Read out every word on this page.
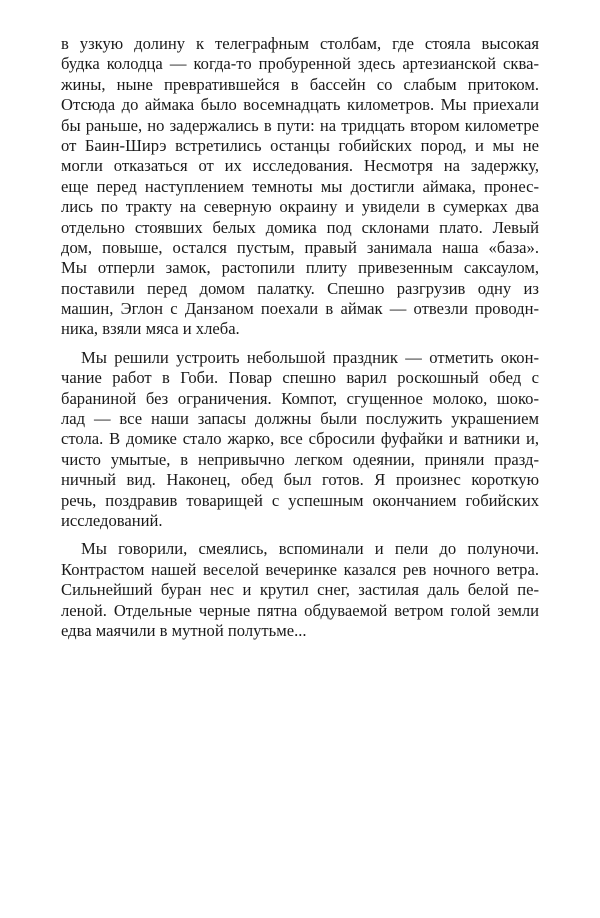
в узкую долину к телеграфным столбам, где стояла высокая
будка колодца — когда-то пробуренной здесь артезианской сква-
жины, ныне превратившейся в бассейн со слабым притоком.
Отсюда до аймака было восемнадцать километров. Мы приехали
бы раньше, но задержались в пути: на тридцать втором километре
от Баин-Ширэ встретились останцы гобийских пород, и мы не
могли отказаться от их исследования. Несмотря на задержку,
еще перед наступлением темноты мы достигли аймака, пронес-
лись по тракту на северную окраину и увидели в сумерках два
отдельно стоявших белых домика под склонами плато. Левый
дом, повыше, остался пустым, правый занимала наша «база».
Мы отперли замок, растопили плиту привезенным саксаулом,
поставили перед домом палатку. Спешно разгрузив одну из
машин, Эглон с Данзаном поехали в аймак — отвезли проводн-
ника, взяли мяса и хлеба.
Мы решили устроить небольшой праздник — отметить окон-
чание работ в Гоби. Повар спешно варил роскошный обед с
бараниной без ограничения. Компот, сгущенное молоко, шоко-
лад — все наши запасы должны были послужить украшением
стола. В домике стало жарко, все сбросили фуфайки и ватники и,
чисто умытые, в непривычно легком одеянии, приняли празд-
ничный вид. Наконец, обед был готов. Я произнес короткую
речь, поздравив товарищей с успешным окончанием гобийских
исследований.
Мы говорили, смеялись, вспоминали и пели до полуночи.
Контрастом нашей веселой вечеринке казался рев ночного ветра.
Сильнейший буран нес и крутил снег, застилая даль белой пе-
леной. Отдельные черные пятна обдуваемой ветром голой земли
едва маячили в мутной полутьме...
